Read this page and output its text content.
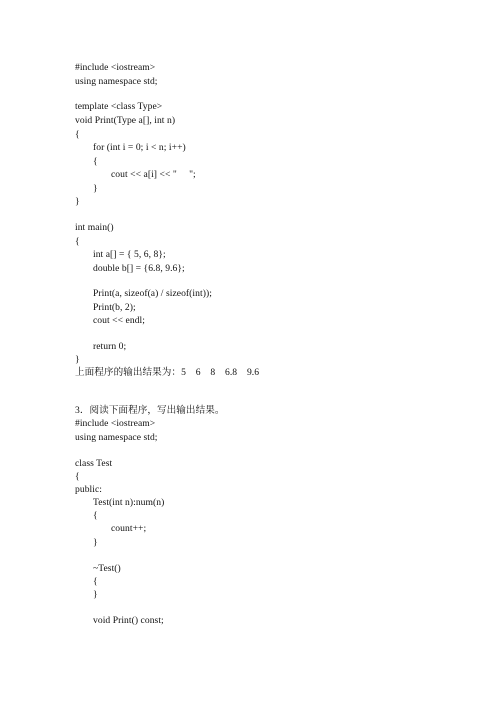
#include <iostream>
using namespace std;
template <class Type>
void Print(Type a[], int n)
{
for (int i = 0; i < n; i++)
{
cout << a[i] << "     ";
}
}
int main()
{
int a[] = { 5, 6, 8};
double b[] = {6.8, 9.6};
Print(a, sizeof(a) / sizeof(int));
Print(b, 2);
cout << endl;
return 0;
}
上面程序的输出结果为：5    6    8    6.8    9.6
3．阅读下面程序，写出输出结果。
#include <iostream>
using namespace std;
class Test
{
public:
Test(int n):num(n)
{
count++;
}
~Test()
{
}
void Print() const;
